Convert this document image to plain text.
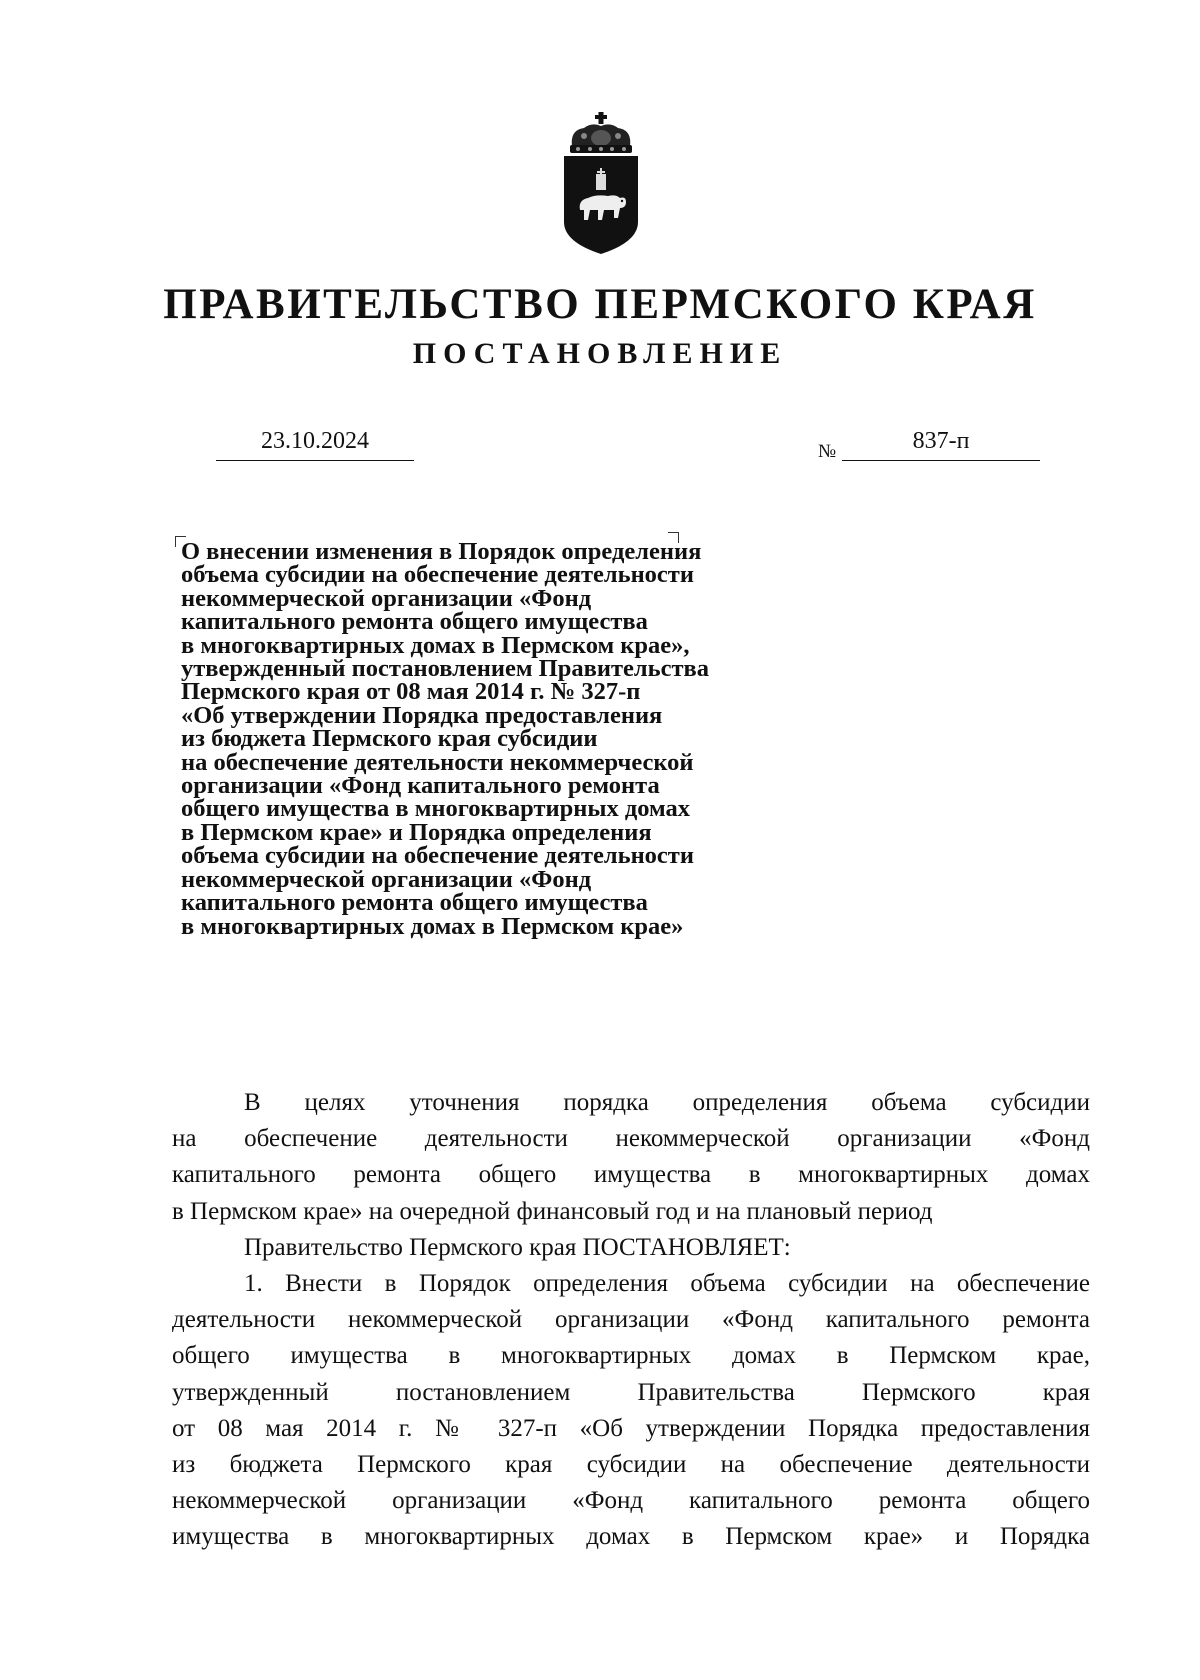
ПРАВИТЕЛЬСТВО ПЕРМСКОГО КРАЯ
ПОСТАНОВЛЕНИЕ
23.10.2024	№	837-п
О внесении изменения в Порядок определения
объема субсидии на обеспечение деятельности
некоммерческой организации «Фонд
капитального ремонта общего имущества
в многоквартирных домах в Пермском крае»,
утвержденный постановлением Правительства
Пермского края от 08 мая 2014 г. № 327-п
«Об утверждении Порядка предоставления
из бюджета Пермского края субсидии
на обеспечение деятельности некоммерческой
организации «Фонд капитального ремонта
общего имущества в многоквартирных домах
в Пермском крае» и Порядка определения
объема субсидии на обеспечение деятельности
некоммерческой организации «Фонд
капитального ремонта общего имущества
в многоквартирных домах в Пермском крае»
В целях уточнения порядка определения объема субсидии
на обеспечение деятельности некоммерческой организации «Фонд
капитального ремонта общего имущества в многоквартирных домах
в Пермском крае» на очередной финансовый год и на плановый период
Правительство Пермского края ПОСТАНОВЛЯЕТ:
1. Внести в Порядок определения объема субсидии на обеспечение
деятельности некоммерческой организации «Фонд капитального ремонта
общего имущества в многоквартирных домах в Пермском крае,
утвержденный постановлением Правительства Пермского края
от 08 мая 2014 г. № 327-п «Об утверждении Порядка предоставления
из бюджета Пермского края субсидии на обеспечение деятельности
некоммерческой организации «Фонд капитального ремонта общего
имущества в многоквартирных домах в Пермском крае» и Порядка
